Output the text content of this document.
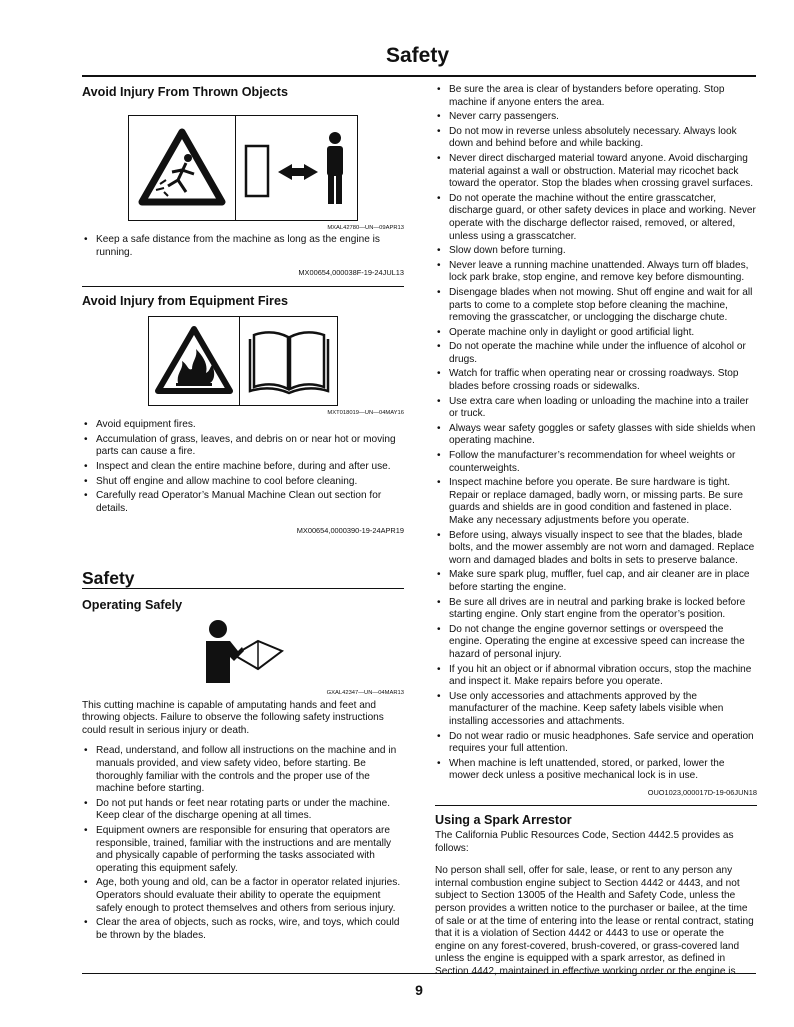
Safety
Avoid Injury From Thrown Objects
MXAL42780—UN—09APR13
• Keep a safe distance from the machine as long as the engine is running.
MX00654,000038F-19-24JUL13
Avoid Injury from Equipment Fires
MXT018019—UN—04MAY16
• Avoid equipment fires.
• Accumulation of grass, leaves, and debris on or near hot or moving parts can cause a fire.
• Inspect and clean the entire machine before, during and after use.
• Shut off engine and allow machine to cool before cleaning.
• Carefully read Operator’s Manual Machine Clean out section for details.
MX00654,0000390-19-24APR19
Safety
Operating Safely
GXAL42347—UN—04MAR13

This cutting machine is capable of amputating hands and feet and throwing objects. Failure to observe the following safety instructions could result in serious injury or death.

• Read, understand, and follow all instructions on the machine and in manuals provided, and view safety video, before starting. Be thoroughly familiar with the controls and the proper use of the machine before starting.
• Do not put hands or feet near rotating parts or under the machine. Keep clear of the discharge opening at all times.
• Equipment owners are responsible for ensuring that operators are responsible, trained, familiar with the instructions and are mentally and physically capable of performing the tasks associated with operating this equipment safely.
• Age, both young and old, can be a factor in operator related injuries. Operators should evaluate their ability to operate the equipment safely enough to protect themselves and others from serious injury.
• Clear the area of objects, such as rocks, wire, and toys, which could be thrown by the blades.
• Be sure the area is clear of bystanders before operating. Stop machine if anyone enters the area.
• Never carry passengers.
• Do not mow in reverse unless absolutely necessary. Always look down and behind before and while backing.
• Never direct discharged material toward anyone. Avoid discharging material against a wall or obstruction. Material may ricochet back toward the operator. Stop the blades when crossing gravel surfaces.
• Do not operate the machine without the entire grasscatcher, discharge guard, or other safety devices in place and working. Never operate with the discharge deflector raised, removed, or altered, unless using a grasscatcher.
• Slow down before turning.
• Never leave a running machine unattended. Always turn off blades, lock park brake, stop engine, and remove key before dismounting.
• Disengage blades when not mowing. Shut off engine and wait for all parts to come to a complete stop before cleaning the machine, removing the grasscatcher, or unclogging the discharge chute.
• Operate machine only in daylight or good artificial light.
• Do not operate the machine while under the influence of alcohol or drugs.
• Watch for traffic when operating near or crossing roadways. Stop blades before crossing roads or sidewalks.
• Use extra care when loading or unloading the machine into a trailer or truck.
• Always wear safety goggles or safety glasses with side shields when operating machine.
• Follow the manufacturer’s recommendation for wheel weights or counterweights.
• Inspect machine before you operate. Be sure hardware is tight. Repair or replace damaged, badly worn, or missing parts. Be sure guards and shields are in good condition and fastened in place. Make any necessary adjustments before you operate.
• Before using, always visually inspect to see that the blades, blade bolts, and the mower assembly are not worn and damaged. Replace worn and damaged blades and bolts in sets to preserve balance.
• Make sure spark plug, muffler, fuel cap, and air cleaner are in place before starting the engine.
• Be sure all drives are in neutral and parking brake is locked before starting engine. Only start engine from the operator’s position.
• Do not change the engine governor settings or overspeed the engine. Operating the engine at excessive speed can increase the hazard of personal injury.
• If you hit an object or if abnormal vibration occurs, stop the machine and inspect it. Make repairs before you operate.
• Use only accessories and attachments approved by the manufacturer of the machine. Keep safety labels visible when installing accessories and attachments.
• Do not wear radio or music headphones. Safe service and operation requires your full attention.
• When machine is left unattended, stored, or parked, lower the mower deck unless a positive mechanical lock is in use.
OUO1023,000017D-19-06JUN18
Using a Spark Arrestor

The California Public Resources Code, Section 4442.5 provides as follows:

No person shall sell, offer for sale, lease, or rent to any person any internal combustion engine subject to Section 4442 or 4443, and not subject to Section 13005 of the Health and Safety Code, unless the person provides a written notice to the purchaser or bailee, at the time of sale or at the time of entering into the lease or rental contract, stating that it is a violation of Section 4442 or 4443 to use or operate the engine on any forest-covered, brush-covered, or grass-covered land unless the engine is equipped with a spark arrestor, as defined in Section 4442, maintained in effective working order or the engine is

9
